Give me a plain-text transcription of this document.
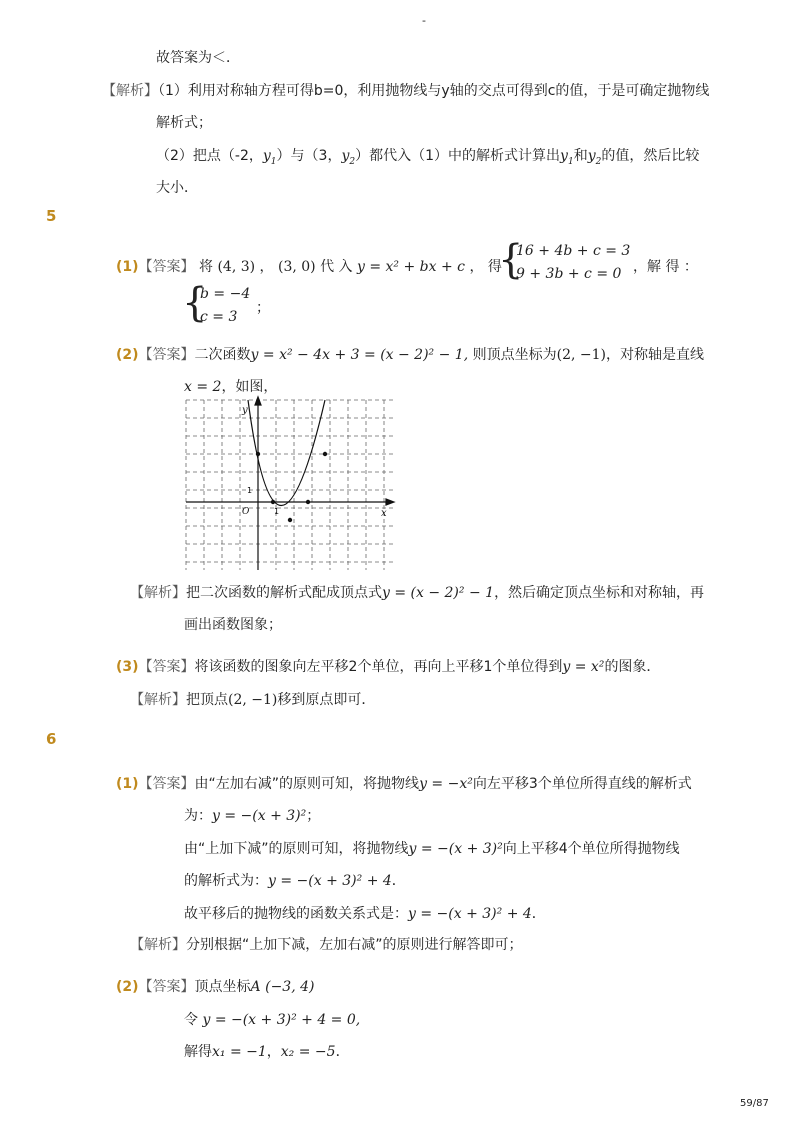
-
故答案为＜．
【解析】（1）利用对称轴方程可得b=0，利用抛物线与y轴的交点可得到c的值，于是可确定抛物线
解析式；
（2）把点（-2，$y_1$）与（3，$y_2$）都代入（1）中的解析式计算出$y_1$和$y_2$的值，然后比较
大小．
5
(1)【答案】 将 (4, 3) ， (3, 0) 代 入 y = x² + bx + c ， 得
{
16 + 4b + c = 3
9 + 3b + c = 0 ，解 得 ：
{
b = −4
；
c = 3
(2)【答案】二次函数y = x² − 4x + 3 = (x − 2)² − 1, 则顶点坐标为(2, −1)，对称轴是直线
x = 2，如图，
y
x
O
1
1
【解析】把二次函数的解析式配成顶点式y = (x − 2)² − 1，然后确定顶点坐标和对称轴，再
画出函数图象；
(3)【答案】将该函数的图象向左平移2个单位，再向上平移1个单位得到y = x²的图象．
【解析】把顶点(2, −1)移到原点即可．
6
(1)【答案】由“左加右减”的原则可知，将抛物线y = −x²向左平移3个单位所得直线的解析式
为：y = −(x + 3)²；
由“上加下减”的原则可知，将抛物线y = −(x + 3)²向上平移4个单位所得抛物线
的解析式为：y = −(x + 3)² + 4．
故平移后的抛物线的函数关系式是：y = −(x + 3)² + 4．
【解析】分别根据“上加下减，左加右减”的原则进行解答即可；
(2)【答案】顶点坐标A (−3, 4)
令 y = −(x + 3)² + 4 = 0,
解得x₁ = −1，x₂ = −5．
59/87
